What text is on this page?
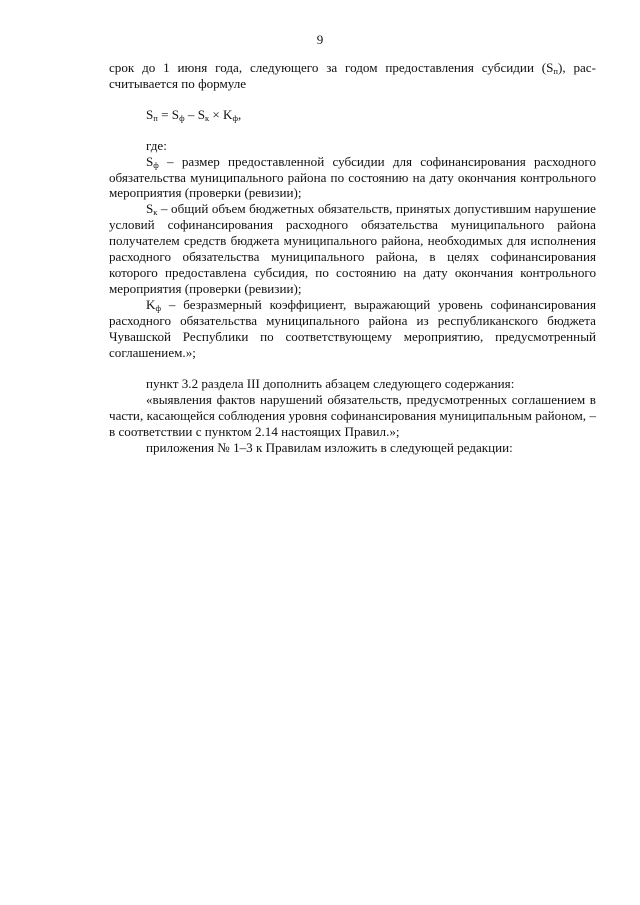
9

срок до 1 июня года, следующего за годом предоставления субсидии $(S_п)$, рассчитывается по формуле

$S_п = S_ф - S_к \times K_ф$,

где:

$S_ф$ – размер предоставленной субсидии для софинансирования расходного обязательства муниципального района по состоянию на дату окончания контрольного мероприятия (проверки (ревизии);

$S_к$ – общий объем бюджетных обязательств, принятых допустившим нарушение условий софинансирования расходного обязательства муниципального района получателем средств бюджета муниципального района, необходимых для исполнения расходного обязательства муниципального района, в целях софинансирования которого предоставлена субсидия, по состоянию на дату окончания контрольного мероприятия (проверки (ревизии);

$K_ф$ – безразмерный коэффициент, выражающий уровень софинансирования расходного обязательства муниципального района из республиканского бюджета Чувашской Республики по соответствующему мероприятию, предусмотренный соглашением.»;

пункт 3.2 раздела III дополнить абзацем следующего содержания:

«выявления фактов нарушений обязательств, предусмотренных соглашением в части, касающейся соблюдения уровня софинансирования муниципальным районом, – в соответствии с пунктом 2.14 настоящих Правил.»;

приложения № 1–3 к Правилам изложить в следующей редакции:
